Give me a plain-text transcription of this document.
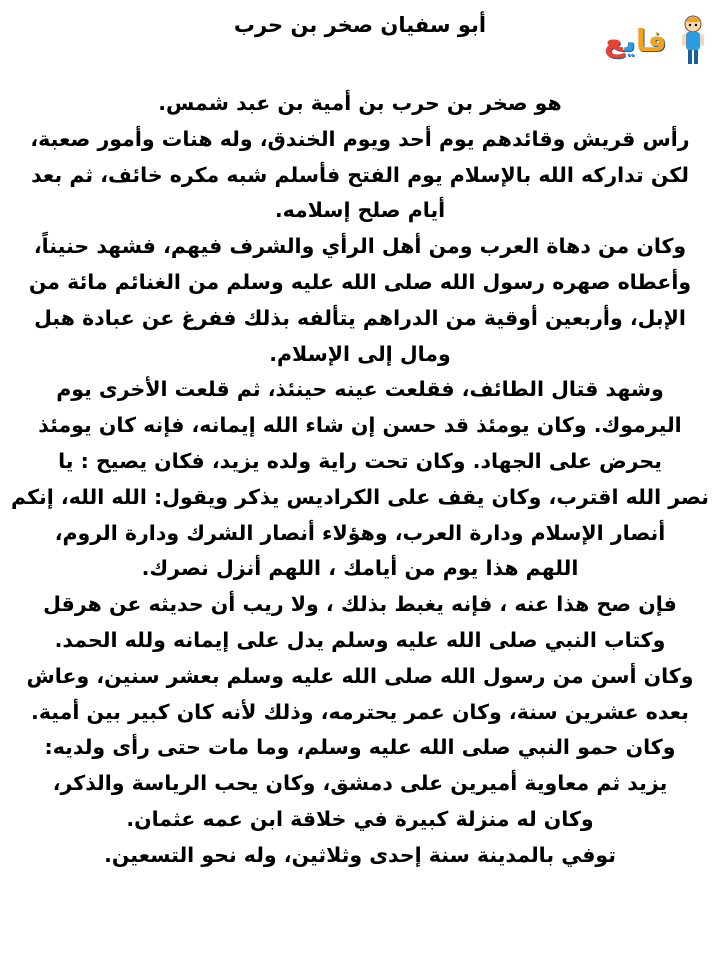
أبو سفيان صخر بن حرب	فايع
هو صخر بن حرب بن أمية بن عبد شمس.
رأس قريش وقائدهم يوم أحد ويوم الخندق، وله هنات وأمور صعبة،
لكن تداركه الله بالإسلام يوم الفتح فأسلم شبه مكره خائف، ثم بعد
أيام صلح إسلامه.
وكان من دهاة العرب ومن أهل الرأي والشرف فيهم، فشهد حنيناً،
وأعطاه صهره رسول الله صلى الله عليه وسلم من الغنائم مائة من
الإبل، وأربعين أوقية من الدراهم يتألفه بذلك ففرغ عن عبادة هبل
ومال إلى الإسلام.
وشهد قتال الطائف، فقلعت عينه حينئذ، ثم قلعت الأخرى يوم
اليرموك. وكان يومئذ قد حسن إن شاء الله إيمانه، فإنه كان يومئذ
يحرض على الجهاد. وكان تحت راية ولده يزيد، فكان يصيح : يا
نصر الله اقترب، وكان يقف على الكراديس يذكر ويقول: الله الله، إنكم
أنصار الإسلام ودارة العرب، وهؤلاء أنصار الشرك ودارة الروم،
اللهم هذا يوم من أيامك ، اللهم أنزل نصرك.
فإن صح هذا عنه ، فإنه يغبط بذلك ، ولا ريب أن حديثه عن هرقل
وكتاب النبي صلى الله عليه وسلم يدل على إيمانه ولله الحمد.
وكان أسن من رسول الله صلى الله عليه وسلم بعشر سنين، وعاش
بعده عشرين سنة، وكان عمر يحترمه، وذلك لأنه كان كبير بين أمية.
وكان حمو النبي صلى الله عليه وسلم، وما مات حتى رأى ولديه:
يزيد ثم معاوية أميرين على دمشق، وكان يحب الرياسة والذكر،
وكان له منزلة كبيرة في خلاقة ابن عمه عثمان.
توفي بالمدينة سنة إحدى وثلاثين، وله نحو التسعين.
